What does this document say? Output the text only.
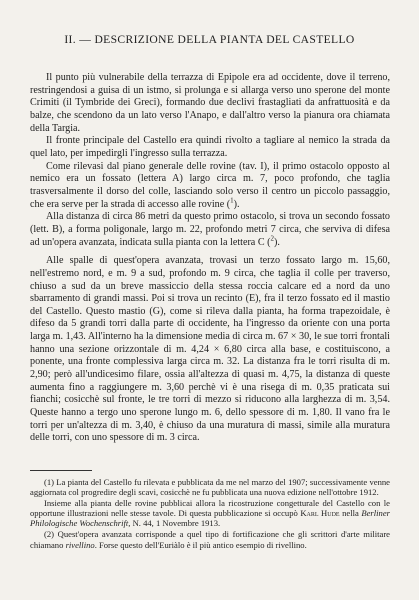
II. — DESCRIZIONE DELLA PIANTA DEL CASTELLO

Il punto più vulnerabile della terrazza di Epipole era ad occidente, dove il terreno, restringendosi a guisa di un istmo, si prolunga e si allarga verso uno sperone del monte Crimiti (il Tymbride dei Greci), formando due declivi frastagliati da anfrattuosità e da balze, che scendono da un lato verso l'Anapo, e dall'altro verso la pianura ora chiamata della Targia.

Il fronte principale del Castello era quindi rivolto a tagliare al nemico la strada da quel lato, per impedirgli l'ingresso sulla terrazza.

Come rilevasi dal piano generale delle rovine (tav. I), il primo ostacolo opposto al nemico era un fossato (lettera A) largo circa m. 7, poco profondo, che taglia trasversalmente il dorso del colle, lasciando solo verso il centro un piccolo passaggio, che era serve per la strada di accesso alle rovine ($^1$).

Alla distanza di circa 86 metri da questo primo ostacolo, si trova un secondo fossato (lett. B), a forma poligonale, largo m. 22, profondo metri 7 circa, che serviva di difesa ad un'opera avanzata, indicata sulla pianta con la lettera C ($^2$).

Alle spalle di quest'opera avanzata, trovasi un terzo fossato largo m. 15,60, nell'estremo nord, e m. 9 a sud, profondo m. 9 circa, che taglia il colle per traverso, chiuso a sud da un breve massiccio della stessa roccia calcare ed a nord da uno sbarramento di grandi massi. Poi si trova un recinto (E), fra il terzo fossato ed il mastio del Castello. Questo mastio (G), come si rileva dalla pianta, ha forma trapezoidale, è difeso da 5 grandi torri dalla parte di occidente, ha l'ingresso da oriente con una porta larga m. 1,43. All'interno ha la dimensione media di circa m. 67 × 30, le sue torri frontali hanno una sezione orizzontale di m. 4,24 × 6,80 circa alla base, e costituiscono, a ponente, una fronte complessiva larga circa m. 32. La distanza fra le torri risulta di m. 2,90; però all'undicesimo filare, ossia all'altezza di quasi m. 4,75, la distanza di queste aumenta fino a raggiungere m. 3,60 perchè vi è una risega di m. 0,35 praticata sui fianchi; cosicchè sul fronte, le tre torri di mezzo si riducono alla larghezza di m. 3,54. Queste hanno a tergo uno sperone lungo m. 6, dello spessore di m. 1,80. Il vano fra le torri per un'altezza di m. 3,40, è chiuso da una muratura di massi, simile alla muratura delle torri, con uno spessore di m. 3 circa.

(1) La pianta del Castello fu rilevata e pubblicata da me nel marzo del 1907; successivamente venne aggiornata col progredire degli scavi, cosicchè ne fu pubblicata una nuova edizione nell'ottobre 1912.

Insieme alla pianta delle rovine pubblicai allora la ricostruzione congetturale del Castello con le opportune illustrazioni nelle stesse tavole. Di questa pubblicazione si occupò Karl Hude nella Berliner Philologische Wochenschrift, N. 44, 1 Novembre 1913.

(2) Quest'opera avanzata corrisponde a quel tipo di fortificazione che gli scrittori d'arte militare chiamano rivellino. Forse questo dell'Euriàlo è il più antico esempio di rivellino.
